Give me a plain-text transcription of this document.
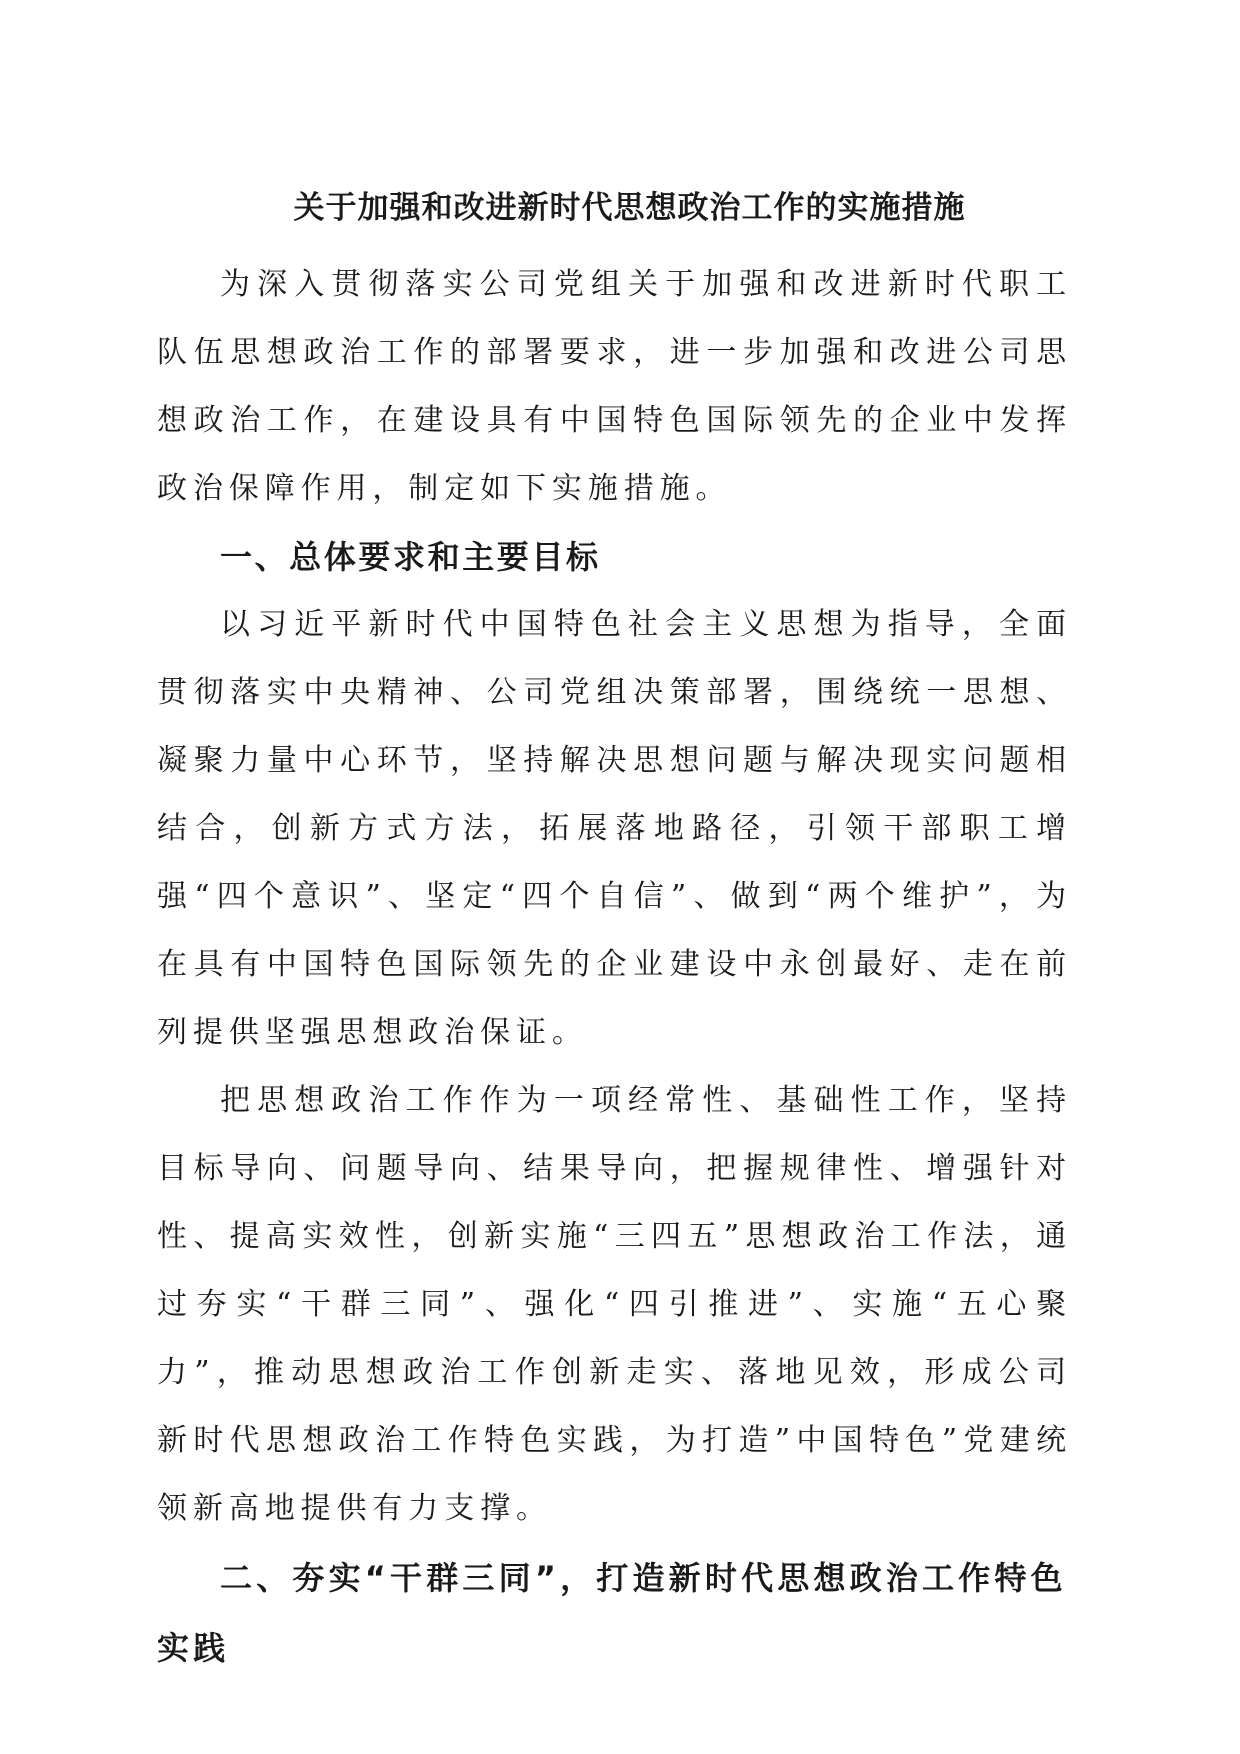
关于加强和改进新时代思想政治工作的实施措施

为深入贯彻落实公司党组关于加强和改进新时代职工队伍思想政治工作的部署要求，进一步加强和改进公司思想政治工作，在建设具有中国特色国际领先的企业中发挥政治保障作用，制定如下实施措施。

一、总体要求和主要目标

以习近平新时代中国特色社会主义思想为指导，全面贯彻落实中央精神、公司党组决策部署，围绕统一思想、凝聚力量中心环节，坚持解决思想问题与解决现实问题相结合，创新方式方法，拓展落地路径，引领干部职工增强“四个意识”、坚定“四个自信”、做到“两个维护”，为在具有中国特色国际领先的企业建设中永创最好、走在前列提供坚强思想政治保证。

把思想政治工作作为一项经常性、基础性工作，坚持目标导向、问题导向、结果导向，把握规律性、增强针对性、提高实效性，创新实施“三四五”思想政治工作法，通过夯实“干群三同”、强化“四引推进”、实施“五心聚力”，推动思想政治工作创新走实、落地见效，形成公司新时代思想政治工作特色实践，为打造”中国特色”党建统领新高地提供有力支撑。

二、夯实“干群三同”，打造新时代思想政治工作特色实践
